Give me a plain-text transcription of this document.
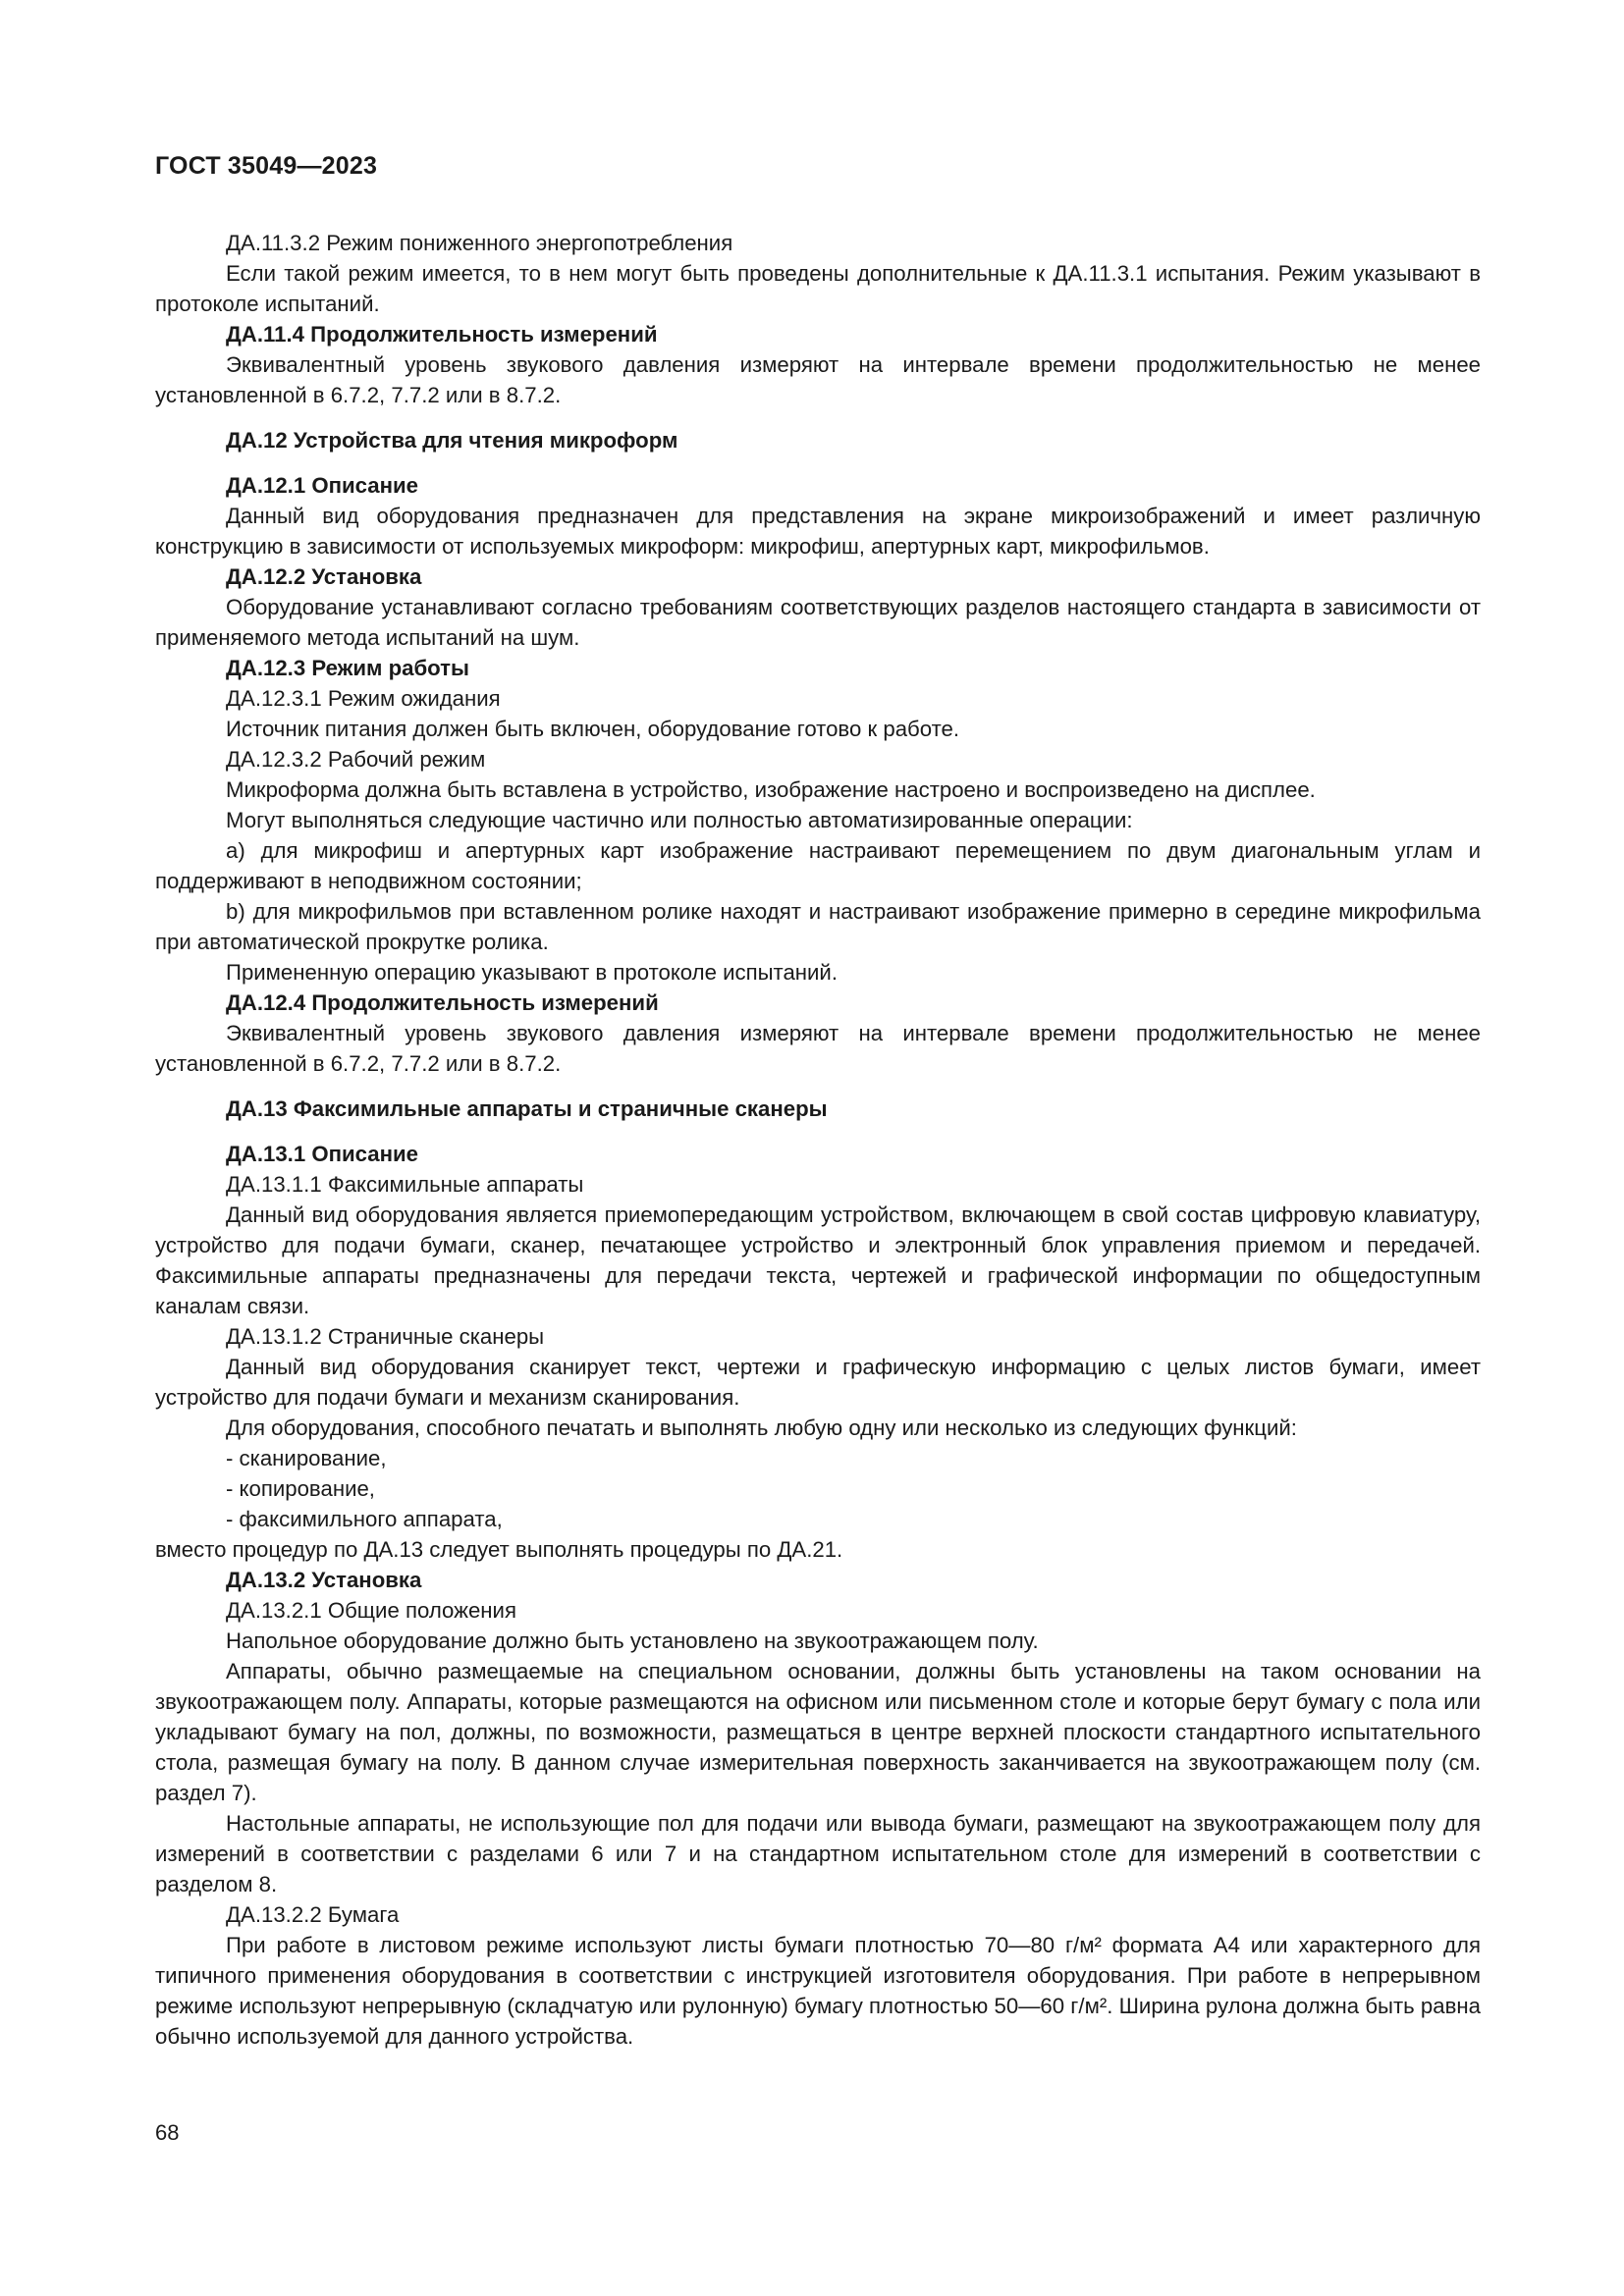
ГОСТ 35049—2023

ДА.11.3.2 Режим пониженного энергопотребления

Если такой режим имеется, то в нем могут быть проведены дополнительные к ДА.11.3.1 испытания. Режим указывают в протоколе испытаний.

ДА.11.4 Продолжительность измерений

Эквивалентный уровень звукового давления измеряют на интервале времени продолжительностью не менее установленной в 6.7.2, 7.7.2 или в 8.7.2.

ДА.12 Устройства для чтения микроформ

ДА.12.1 Описание

Данный вид оборудования предназначен для представления на экране микроизображений и имеет различную конструкцию в зависимости от используемых микроформ: микрофиш, апертурных карт, микрофильмов.

ДА.12.2 Установка

Оборудование устанавливают согласно требованиям соответствующих разделов настоящего стандарта в зависимости от применяемого метода испытаний на шум.

ДА.12.3 Режим работы

ДА.12.3.1 Режим ожидания

Источник питания должен быть включен, оборудование готово к работе.

ДА.12.3.2 Рабочий режим

Микроформа должна быть вставлена в устройство, изображение настроено и воспроизведено на дисплее.

Могут выполняться следующие частично или полностью автоматизированные операции:

a) для микрофиш и апертурных карт изображение настраивают перемещением по двум диагональным углам и поддерживают в неподвижном состоянии;

b) для микрофильмов при вставленном ролике находят и настраивают изображение примерно в середине микрофильма при автоматической прокрутке ролика.

Примененную операцию указывают в протоколе испытаний.

ДА.12.4 Продолжительность измерений

Эквивалентный уровень звукового давления измеряют на интервале времени продолжительностью не менее установленной в 6.7.2, 7.7.2 или в 8.7.2.

ДА.13 Факсимильные аппараты и страничные сканеры

ДА.13.1 Описание

ДА.13.1.1 Факсимильные аппараты

Данный вид оборудования является приемопередающим устройством, включающем в свой состав цифровую клавиатуру, устройство для подачи бумаги, сканер, печатающее устройство и электронный блок управления приемом и передачей. Факсимильные аппараты предназначены для передачи текста, чертежей и графической информации по общедоступным каналам связи.

ДА.13.1.2 Страничные сканеры

Данный вид оборудования сканирует текст, чертежи и графическую информацию с целых листов бумаги, имеет устройство для подачи бумаги и механизм сканирования.

Для оборудования, способного печатать и выполнять любую одну или несколько из следующих функций:

- сканирование,

- копирование,

- факсимильного аппарата,

вместо процедур по ДА.13 следует выполнять процедуры по ДА.21.

ДА.13.2 Установка

ДА.13.2.1 Общие положения

Напольное оборудование должно быть установлено на звукоотражающем полу.

Аппараты, обычно размещаемые на специальном основании, должны быть установлены на таком основании на звукоотражающем полу. Аппараты, которые размещаются на офисном или письменном столе и которые берут бумагу с пола или укладывают бумагу на пол, должны, по возможности, размещаться в центре верхней плоскости стандартного испытательного стола, размещая бумагу на полу. В данном случае измерительная поверхность заканчивается на звукоотражающем полу (см. раздел 7).

Настольные аппараты, не использующие пол для подачи или вывода бумаги, размещают на звукоотражающем полу для измерений в соответствии с разделами 6 или 7 и на стандартном испытательном столе для измерений в соответствии с разделом 8.

ДА.13.2.2 Бумага

При работе в листовом режиме используют листы бумаги плотностью 70—80 г/м² формата А4 или характерного для типичного применения оборудования в соответствии с инструкцией изготовителя оборудования. При работе в непрерывном режиме используют непрерывную (складчатую или рулонную) бумагу плотностью 50—60 г/м². Ширина рулона должна быть равна обычно используемой для данного устройства.

68
